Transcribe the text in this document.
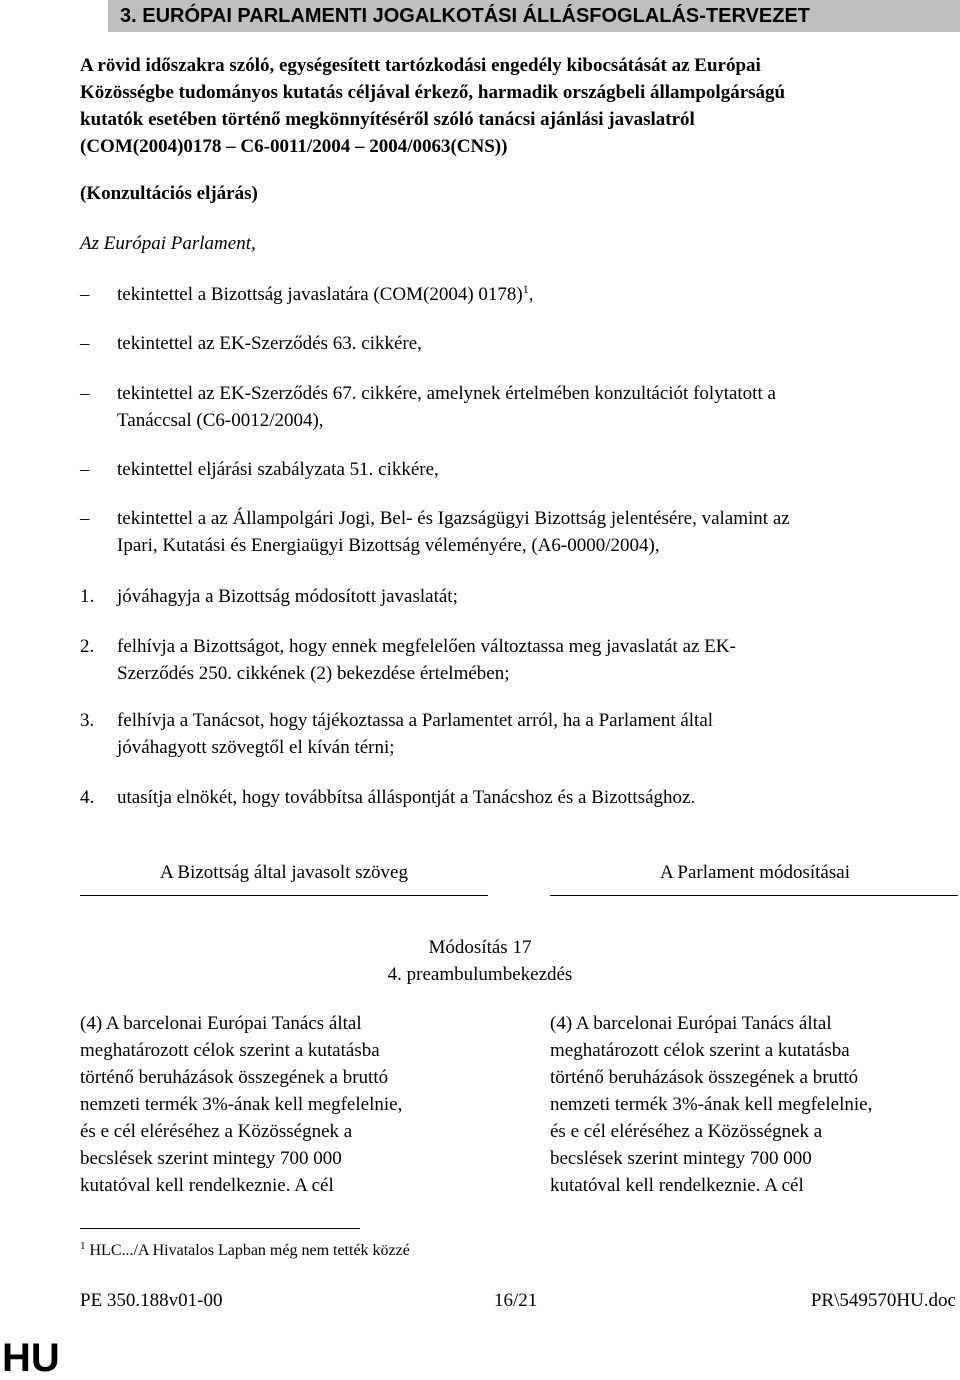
3. EURÓPAI PARLAMENTI JOGALKOTÁSI ÁLLÁSFOGLALÁS-TERVEZET
A rövid időszakra szóló, egységesített tartózkodási engedély kibocsátását az Európai
Közösségbe tudományos kutatás céljával érkező, harmadik országbeli állampolgárságú
kutatók esetében történő megkönnyítéséről szóló tanácsi ajánlási javaslatról
(COM(2004)0178 – C6-0011/2004 – 2004/0063(CNS))
(Konzultációs eljárás)
Az Európai Parlament,
–	tekintettel a Bizottság javaslatára (COM(2004) 0178)$^1$,
–	tekintettel az EK-Szerződés 63. cikkére,
–	tekintettel az EK-Szerződés 67. cikkére, amelynek értelmében konzultációt folytatott a
Tanáccsal (C6-0012/2004),
–	tekintettel eljárási szabályzata 51. cikkére,
–	tekintettel a az Állampolgári Jogi, Bel- és Igazságügyi Bizottság jelentésére, valamint az
Ipari, Kutatási és Energiaügyi Bizottság véleményére, (A6-0000/2004),
1. jóváhagyja a Bizottság módosított javaslatát;
2. felhívja a Bizottságot, hogy ennek megfelelően változtassa meg javaslatát az EK-
Szerződés 250. cikkének (2) bekezdése értelmében;
3. felhívja a Tanácsot, hogy tájékoztassa a Parlamentet arról, ha a Parlament által
jóváhagyott szövegtől el kíván térni;
4. utasítja elnökét, hogy továbbítsa álláspontját a Tanácshoz és a Bizottsághoz.
A Bizottság által javasolt szöveg	A Parlament módosításai
Módosítás 17
4. preambulumbekezdés
(4) A barcelonai Európai Tanács által
meghatározott célok szerint a kutatásba
történő beruházások összegének a bruttó
nemzeti termék 3%-ának kell megfelelnie,
és e cél eléréséhez a Közösségnek a
becslések szerint mintegy 700 000
kutatóval kell rendelkeznie. A cél
(4) A barcelonai Európai Tanács által
meghatározott célok szerint a kutatásba
történő beruházások összegének a bruttó
nemzeti termék 3%-ának kell megfelelnie,
és e cél eléréséhez a Közösségnek a
becslések szerint mintegy 700 000
kutatóval kell rendelkeznie. A cél
$^1$ HLC.../A Hivatalos Lapban még nem tették közzé
PE 350.188v01-00	16/21	PR\549570HU.doc
HU
